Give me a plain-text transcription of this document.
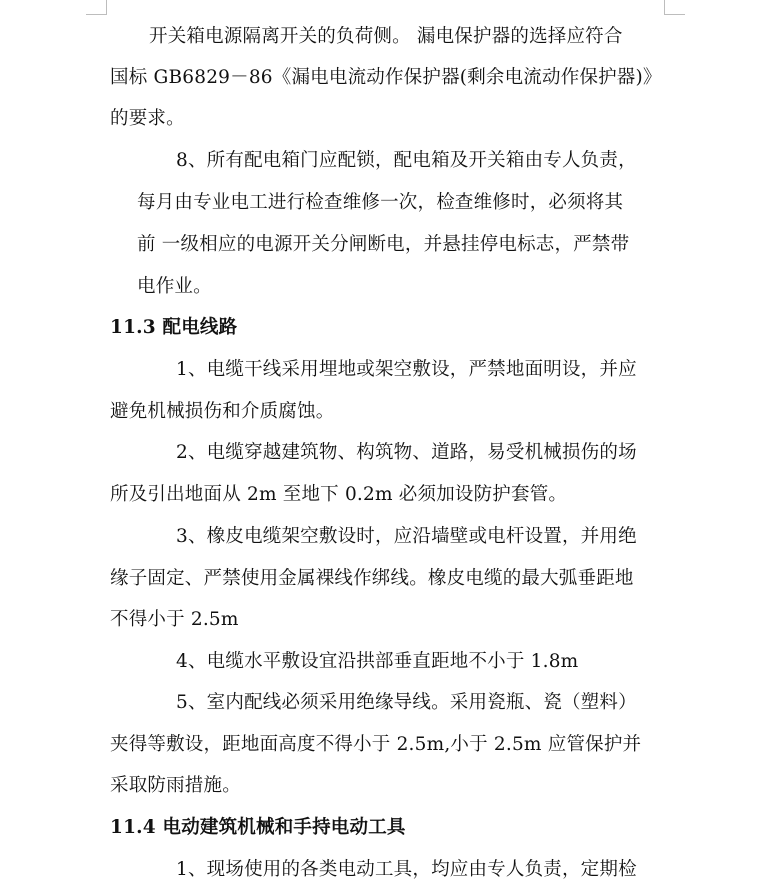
开关箱电源隔离开关的负荷侧。 漏电保护器的选择应符合
国标 GB6829－86《漏电电流动作保护器(剩余电流动作保护器)》
的要求。
8、所有配电箱门应配锁，配电箱及开关箱由专人负责，
每月由专业电工进行检查维修一次，检查维修时，必须将其
前 一级相应的电源开关分闸断电，并悬挂停电标志，严禁带
电作业。
11.3 配电线路
1、电缆干线采用埋地或架空敷设，严禁地面明设，并应
避免机械损伤和介质腐蚀。
2、电缆穿越建筑物、构筑物、道路，易受机械损伤的场
所及引出地面从 2m 至地下 0.2m 必须加设防护套管。
3、橡皮电缆架空敷设时，应沿墙壁或电杆设置，并用绝
缘子固定、严禁使用金属裸线作绑线。橡皮电缆的最大弧垂距地
不得小于 2.5m
4、电缆水平敷设宜沿拱部垂直距地不小于 1.8m
5、室内配线必须采用绝缘导线。采用瓷瓶、瓷（塑料）
夹得等敷设，距地面高度不得小于 2.5m,小于 2.5m 应管保护并
采取防雨措施。
11.4 电动建筑机械和手持电动工具
1、现场使用的各类电动工具，均应由专人负责，定期检
